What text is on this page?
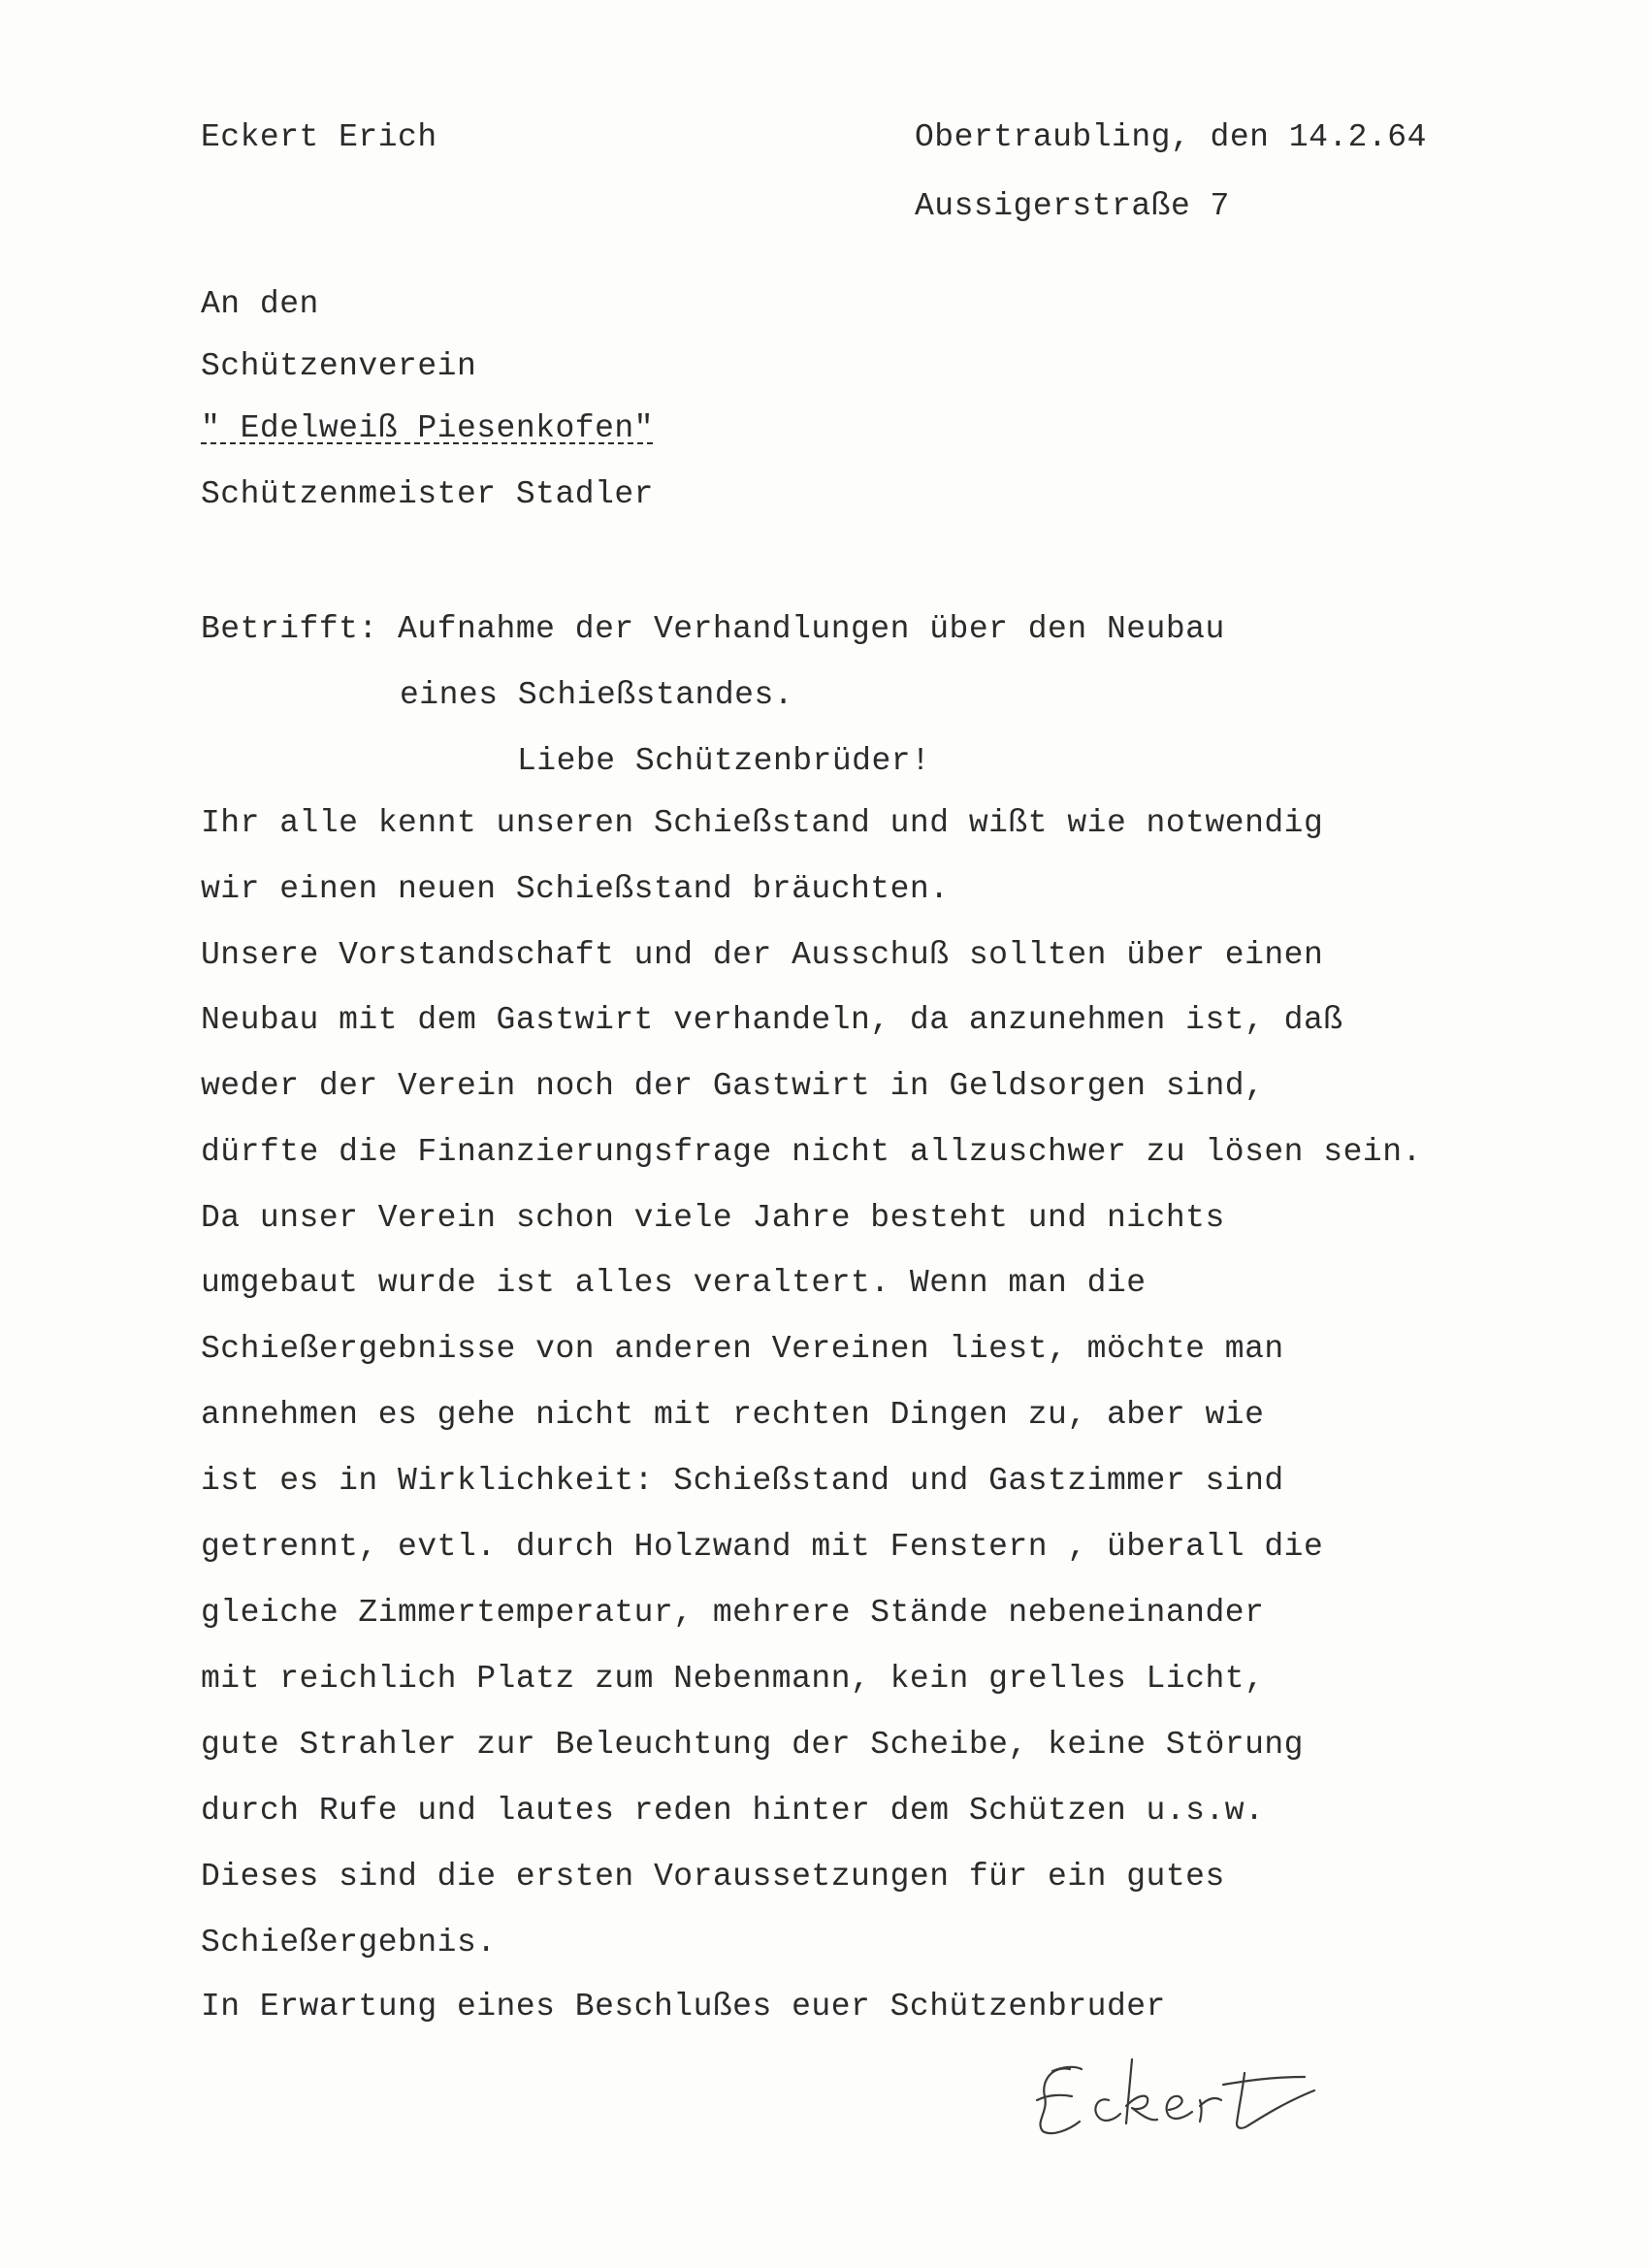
Eckert Erich	Obertraubling, den 14.2.64
Aussigerstraße 7
An den
Schützenverein
" Edelweiß Piesenkofen"
Schützenmeister Stadler
Betrifft: Aufnahme der Verhandlungen über den Neubau
eines Schießstandes.
Liebe Schützenbrüder!
Ihr alle kennt unseren Schießstand und wißt wie notwendig
wir einen neuen Schießstand bräuchten.
Unsere Vorstandschaft und der Ausschuß sollten über einen
Neubau mit dem Gastwirt verhandeln, da anzunehmen ist, daß
weder der Verein noch der Gastwirt in Geldsorgen sind,
dürfte die Finanzierungsfrage nicht allzuschwer zu lösen sein.
Da unser Verein schon viele Jahre besteht und nichts
umgebaut wurde ist alles veraltert. Wenn man die
Schießergebnisse von anderen Vereinen liest, möchte man
annehmen es gehe nicht mit rechten Dingen zu, aber wie
ist es in Wirklichkeit: Schießstand und Gastzimmer sind
getrennt, evtl. durch Holzwand mit Fenstern , überall die
gleiche Zimmertemperatur, mehrere Stände nebeneinander
mit reichlich Platz zum Nebenmann, kein grelles Licht,
gute Strahler zur Beleuchtung der Scheibe, keine Störung
durch Rufe und lautes reden hinter dem Schützen u.s.w.
Dieses sind die ersten Voraussetzungen für ein gutes
Schießergebnis.
In Erwartung eines Beschlußes euer Schützenbruder
